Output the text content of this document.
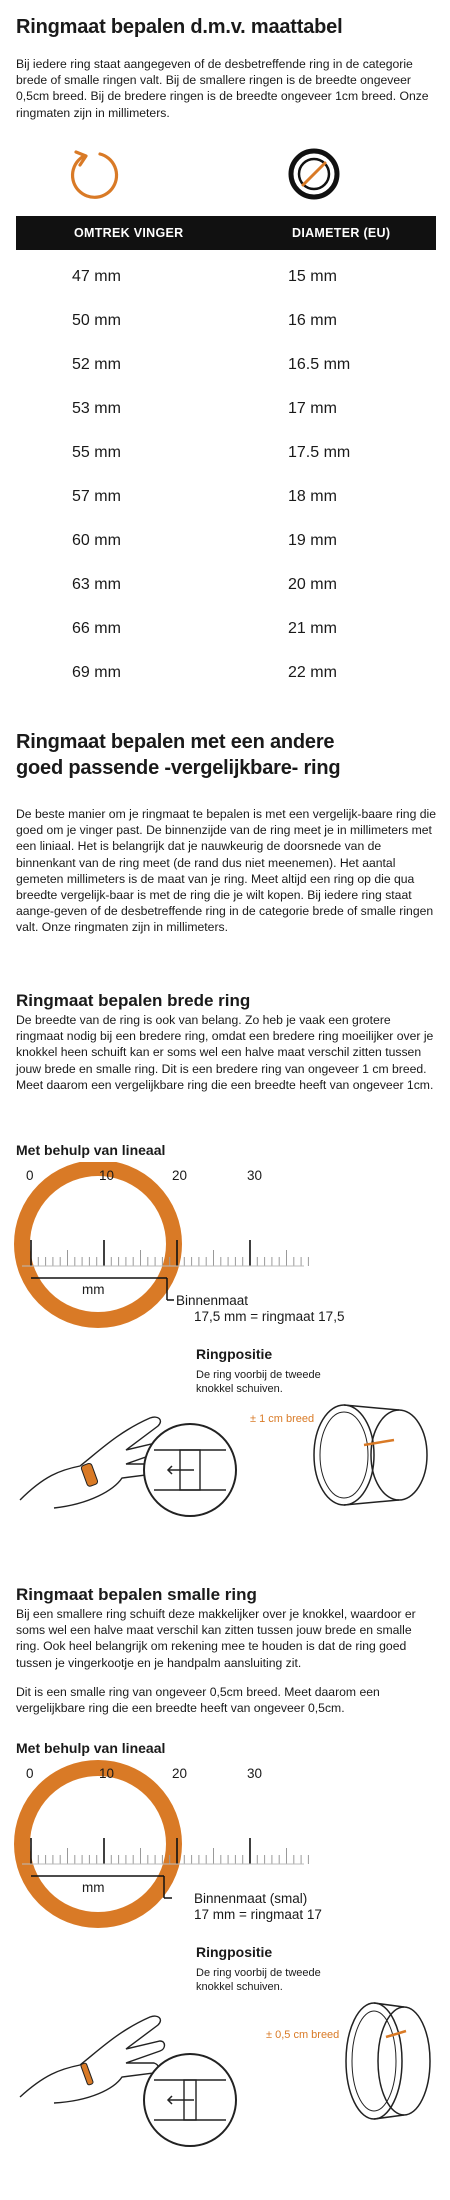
Ringmaat bepalen d.m.v. maattabel

Bij iedere ring staat aangegeven of de desbetreffende ring in de categorie brede of smalle ringen valt. Bij de smallere ringen is de breedte ongeveer 0,5cm breed. Bij de bredere ringen is de breedte ongeveer 1cm breed. Onze ringmaten zijn in millimeters.

OMTREK VINGER	DIAMETER (EU)
47 mm	15 mm
50 mm	16 mm
52 mm	16.5 mm
53 mm	17 mm
55 mm	17.5 mm
57 mm	18 mm
60 mm	19 mm
63 mm	20 mm
66 mm	21 mm
69 mm	22 mm
Ringmaat bepalen met een andere
goed passende -vergelijkbare- ring

De beste manier om je ringmaat te bepalen is met een vergelijk-baare ring die goed om je vinger past. De binnenzijde van de ring meet je in millimeters met een liniaal. Het is belangrijk dat je nauwkeurig de doorsnede van de binnenkant van de ring meet (de rand dus niet meenemen). Het aantal gemeten millimeters is de maat van je ring. Meet altijd een ring op die qua breedte vergelijk-baar is met de ring die je wilt kopen. Bij iedere ring staat aange-geven of de desbetreffende ring in de categorie brede of smalle ringen valt. Onze ringmaten zijn in millimeters.

Ringmaat bepalen brede ring

De breedte van de ring is ook van belang. Zo heb je vaak een grotere ringmaat nodig bij een bredere ring, omdat een bredere ring moeilijker over je knokkel heen schuift kan er soms wel een halve maat verschil zitten tussen jouw brede en smalle ring. Dit is een bredere ring van ongeveer 1 cm breed. Meet daarom een vergelijkbare ring die een breedte heeft van ongeveer 1cm.

Met behulp van lineaal
0	10	20	30
mm
Binnenmaat
17,5 mm = ringmaat 17,5
Ringpositie

De ring voorbij de tweede knokkel schuiven.

± 1 cm breed
Ringmaat bepalen smalle ring

Bij een smallere ring schuift deze makkelijker over je knokkel, waardoor er soms wel een halve maat verschil kan zitten tussen jouw brede en smalle ring. Ook heel belangrijk om rekening mee te houden is dat de ring goed tussen je vingerkootje en je handpalm aansluiting zit.

Dit is een smalle ring van ongeveer 0,5cm breed. Meet daarom een vergelijkbare ring die een breedte heeft van ongeveer 0,5cm.

Met behulp van lineaal
0	10	20	30
mm
Binnenmaat (smal)
17 mm = ringmaat 17
Ringpositie

De ring voorbij de tweede knokkel schuiven.

± 0,5 cm breed
